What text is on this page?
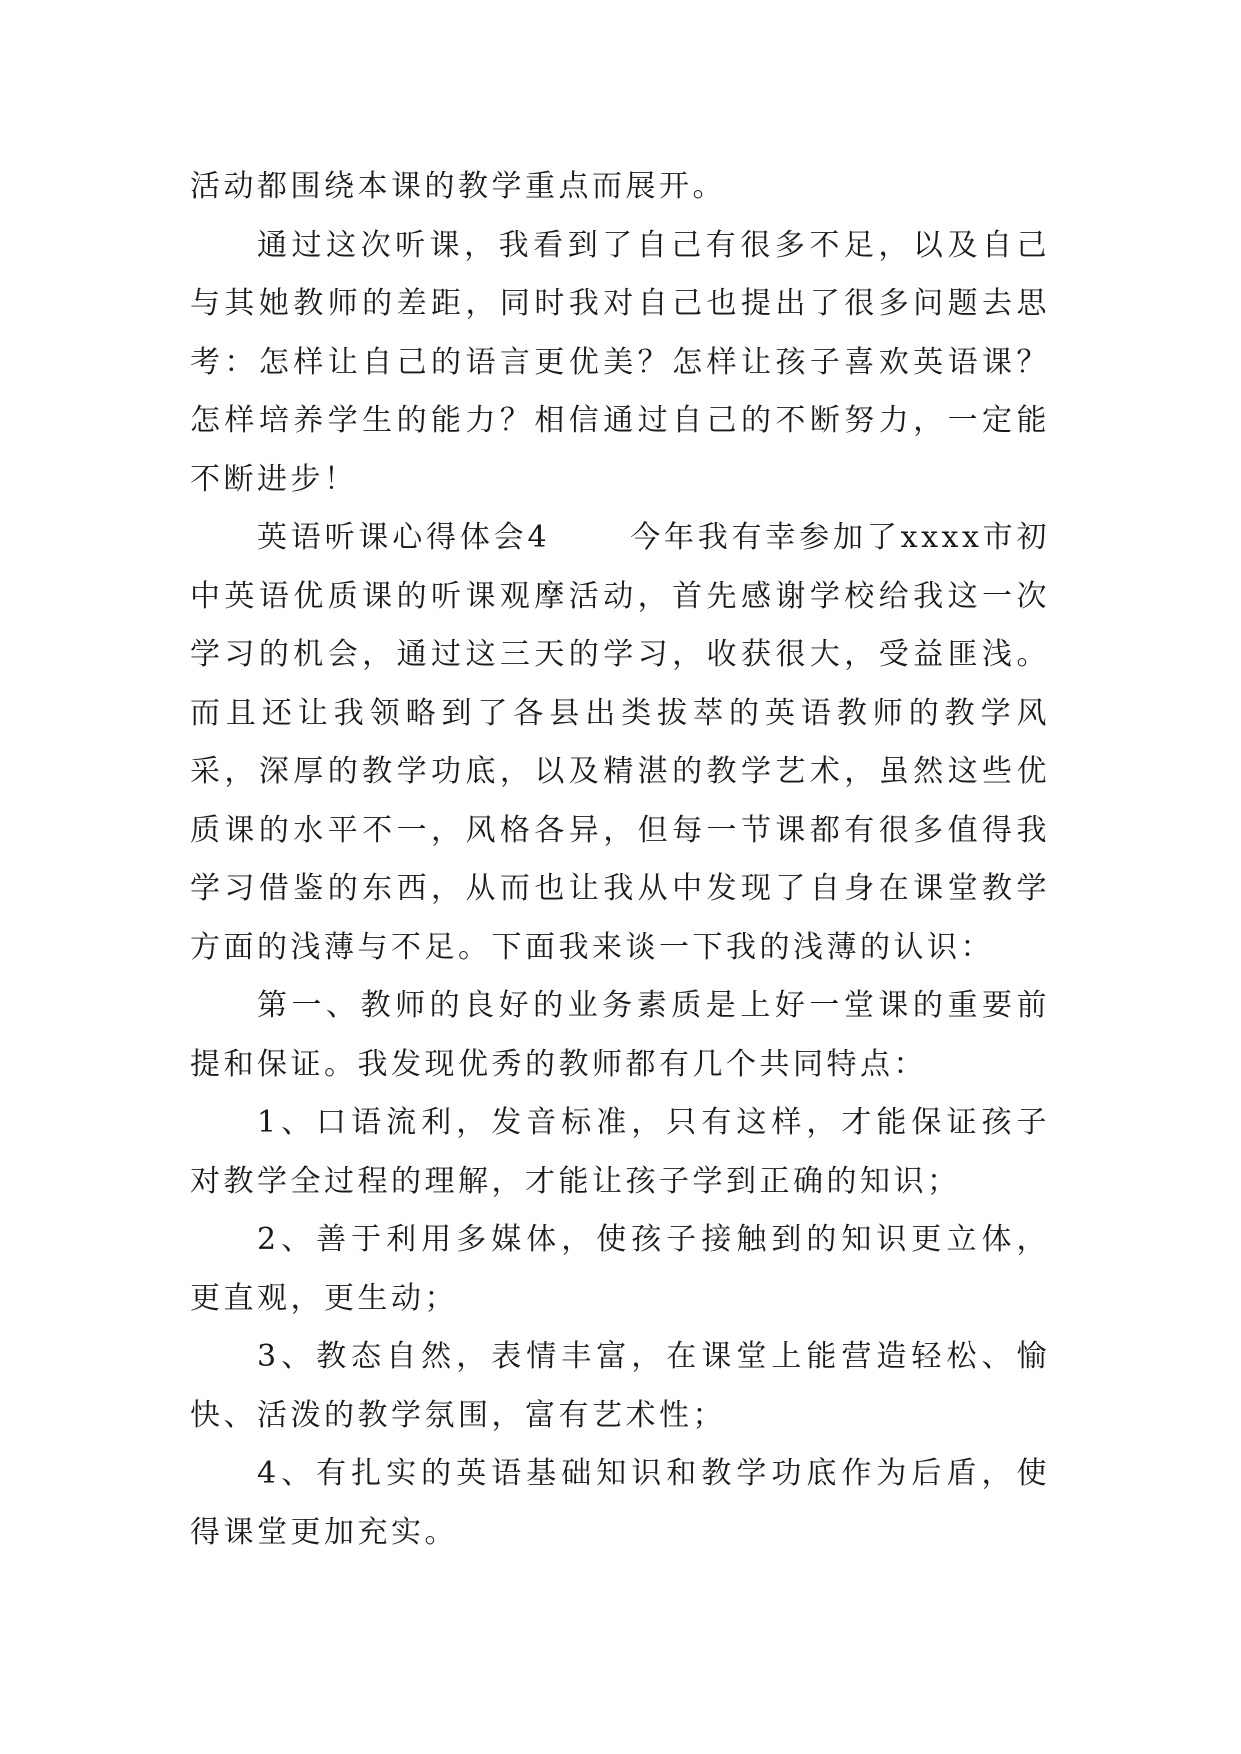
活动都围绕本课的教学重点而展开。

通过这次听课，我看到了自己有很多不足，以及自己与其她教师的差距，同时我对自己也提出了很多问题去思考：怎样让自己的语言更优美？怎样让孩子喜欢英语课？怎样培养学生的能力？相信通过自己的不断努力，一定能不断进步！

英语听课心得体会4	今年我有幸参加了xxxx市初中英语优质课的听课观摩活动，首先感谢学校给我这一次学习的机会，通过这三天的学习，收获很大，受益匪浅。而且还让我领略到了各县出类拔萃的英语教师的教学风采，深厚的教学功底，以及精湛的教学艺术，虽然这些优质课的水平不一，风格各异，但每一节课都有很多值得我学习借鉴的东西，从而也让我从中发现了自身在课堂教学方面的浅薄与不足。下面我来谈一下我的浅薄的认识：

第一、教师的良好的业务素质是上好一堂课的重要前提和保证。我发现优秀的教师都有几个共同特点：

1、口语流利，发音标准，只有这样，才能保证孩子对教学全过程的理解，才能让孩子学到正确的知识；

2、善于利用多媒体，使孩子接触到的知识更立体，更直观，更生动；

3、教态自然，表情丰富，在课堂上能营造轻松、愉快、活泼的教学氛围，富有艺术性；

4、有扎实的英语基础知识和教学功底作为后盾，使得课堂更加充实。
